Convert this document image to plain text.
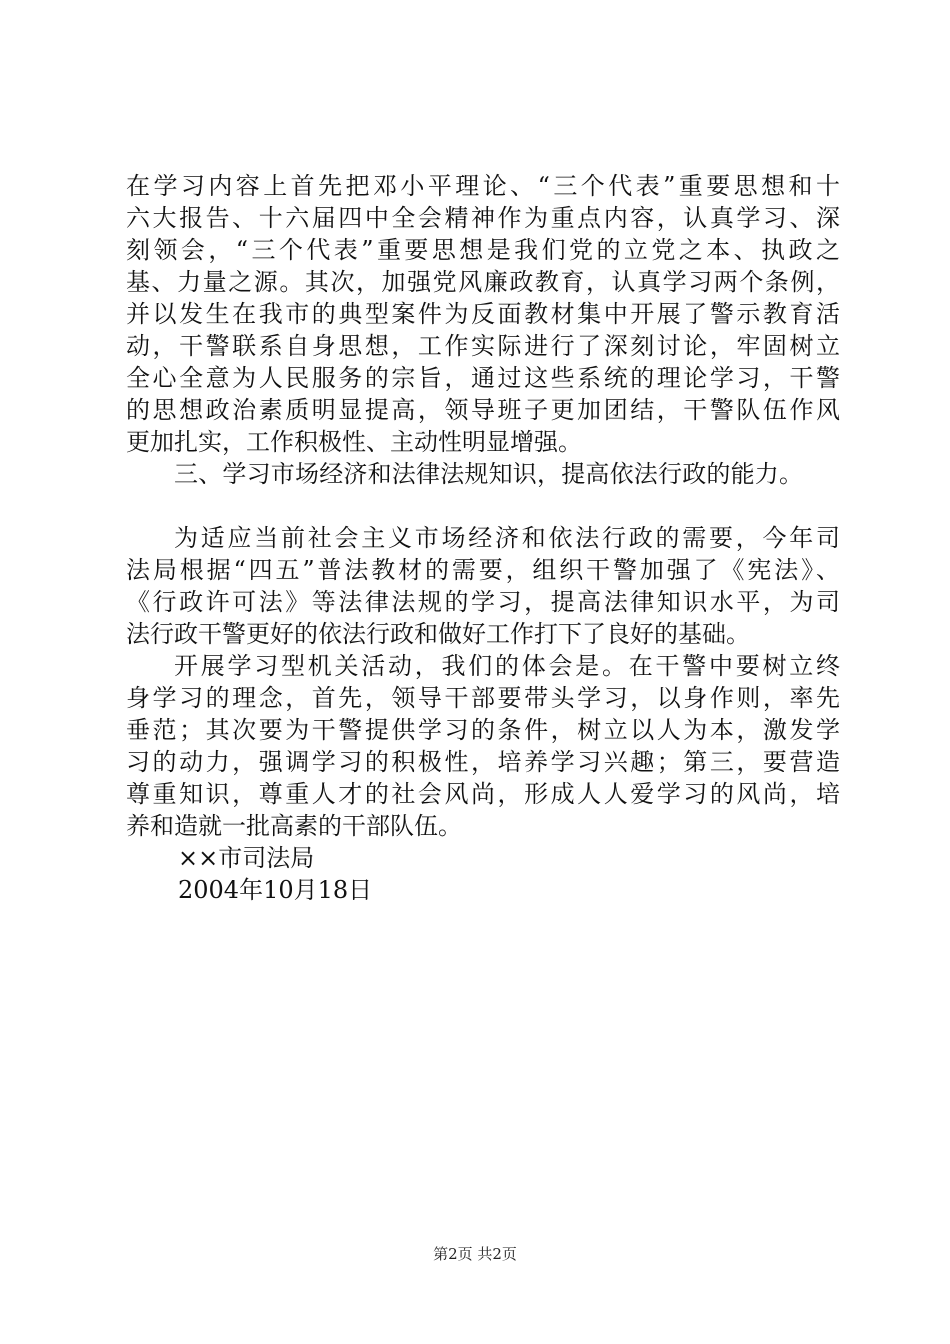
在学习内容上首先把邓小平理论、“三个代表”重要思想和十
六大报告、十六届四中全会精神作为重点内容，认真学习、深
刻领会，“三个代表”重要思想是我们党的立党之本、执政之
基、力量之源。其次，加强党风廉政教育，认真学习两个条例，
并以发生在我市的典型案件为反面教材集中开展了警示教育活
动，干警联系自身思想，工作实际进行了深刻讨论，牢固树立
全心全意为人民服务的宗旨，通过这些系统的理论学习，干警
的思想政治素质明显提高，领导班子更加团结，干警队伍作风
更加扎实，工作积极性、主动性明显增强。
三、学习市场经济和法律法规知识，提高依法行政的能力。
为适应当前社会主义市场经济和依法行政的需要，今年司
法局根据“四五”普法教材的需要，组织干警加强了《宪法》、
《行政许可法》等法律法规的学习，提高法律知识水平，为司
法行政干警更好的依法行政和做好工作打下了良好的基础。
开展学习型机关活动，我们的体会是。在干警中要树立终
身学习的理念，首先，领导干部要带头学习，以身作则，率先
垂范；其次要为干警提供学习的条件，树立以人为本，激发学
习的动力，强调学习的积极性，培养学习兴趣；第三，要营造
尊重知识，尊重人才的社会风尚，形成人人爱学习的风尚，培
养和造就一批高素的干部队伍。
××市司法局
2004年10月18日
第2页 共2页
